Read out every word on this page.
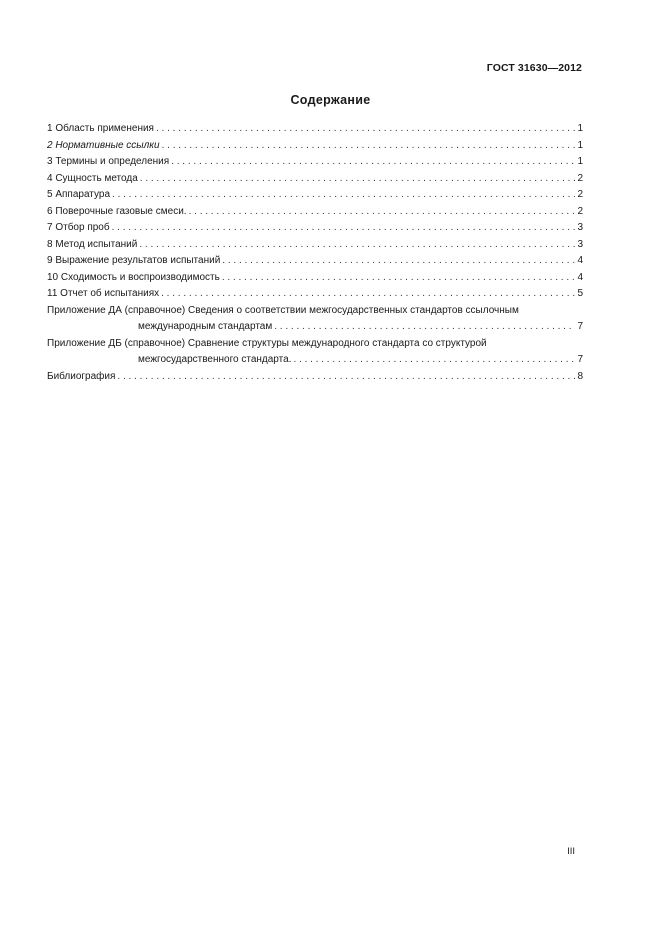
ГОСТ 31630—2012
Содержание
1 Область применения . . .	1
2 Нормативные ссылки . . .	1
3 Термины и определения . . .	1
4 Сущность метода . . .	2
5 Аппаратура . . .	2
6 Поверочные газовые смеси. . . .	2
7 Отбор проб . . .	3
8 Метод испытаний . . .	3
9 Выражение результатов испытаний . . .	4
10 Сходимость и воспроизводимость . . .	4
11 Отчет об испытаниях . . .	5
Приложение ДА (справочное) Сведения о соответствии межгосударственных стандартов ссылочным
международным стандартам . . .	7
Приложение ДБ (справочное) Сравнение структуры международного стандарта со структурой
межгосударственного стандарта. . . .	7
Библиография . . .	8
III
